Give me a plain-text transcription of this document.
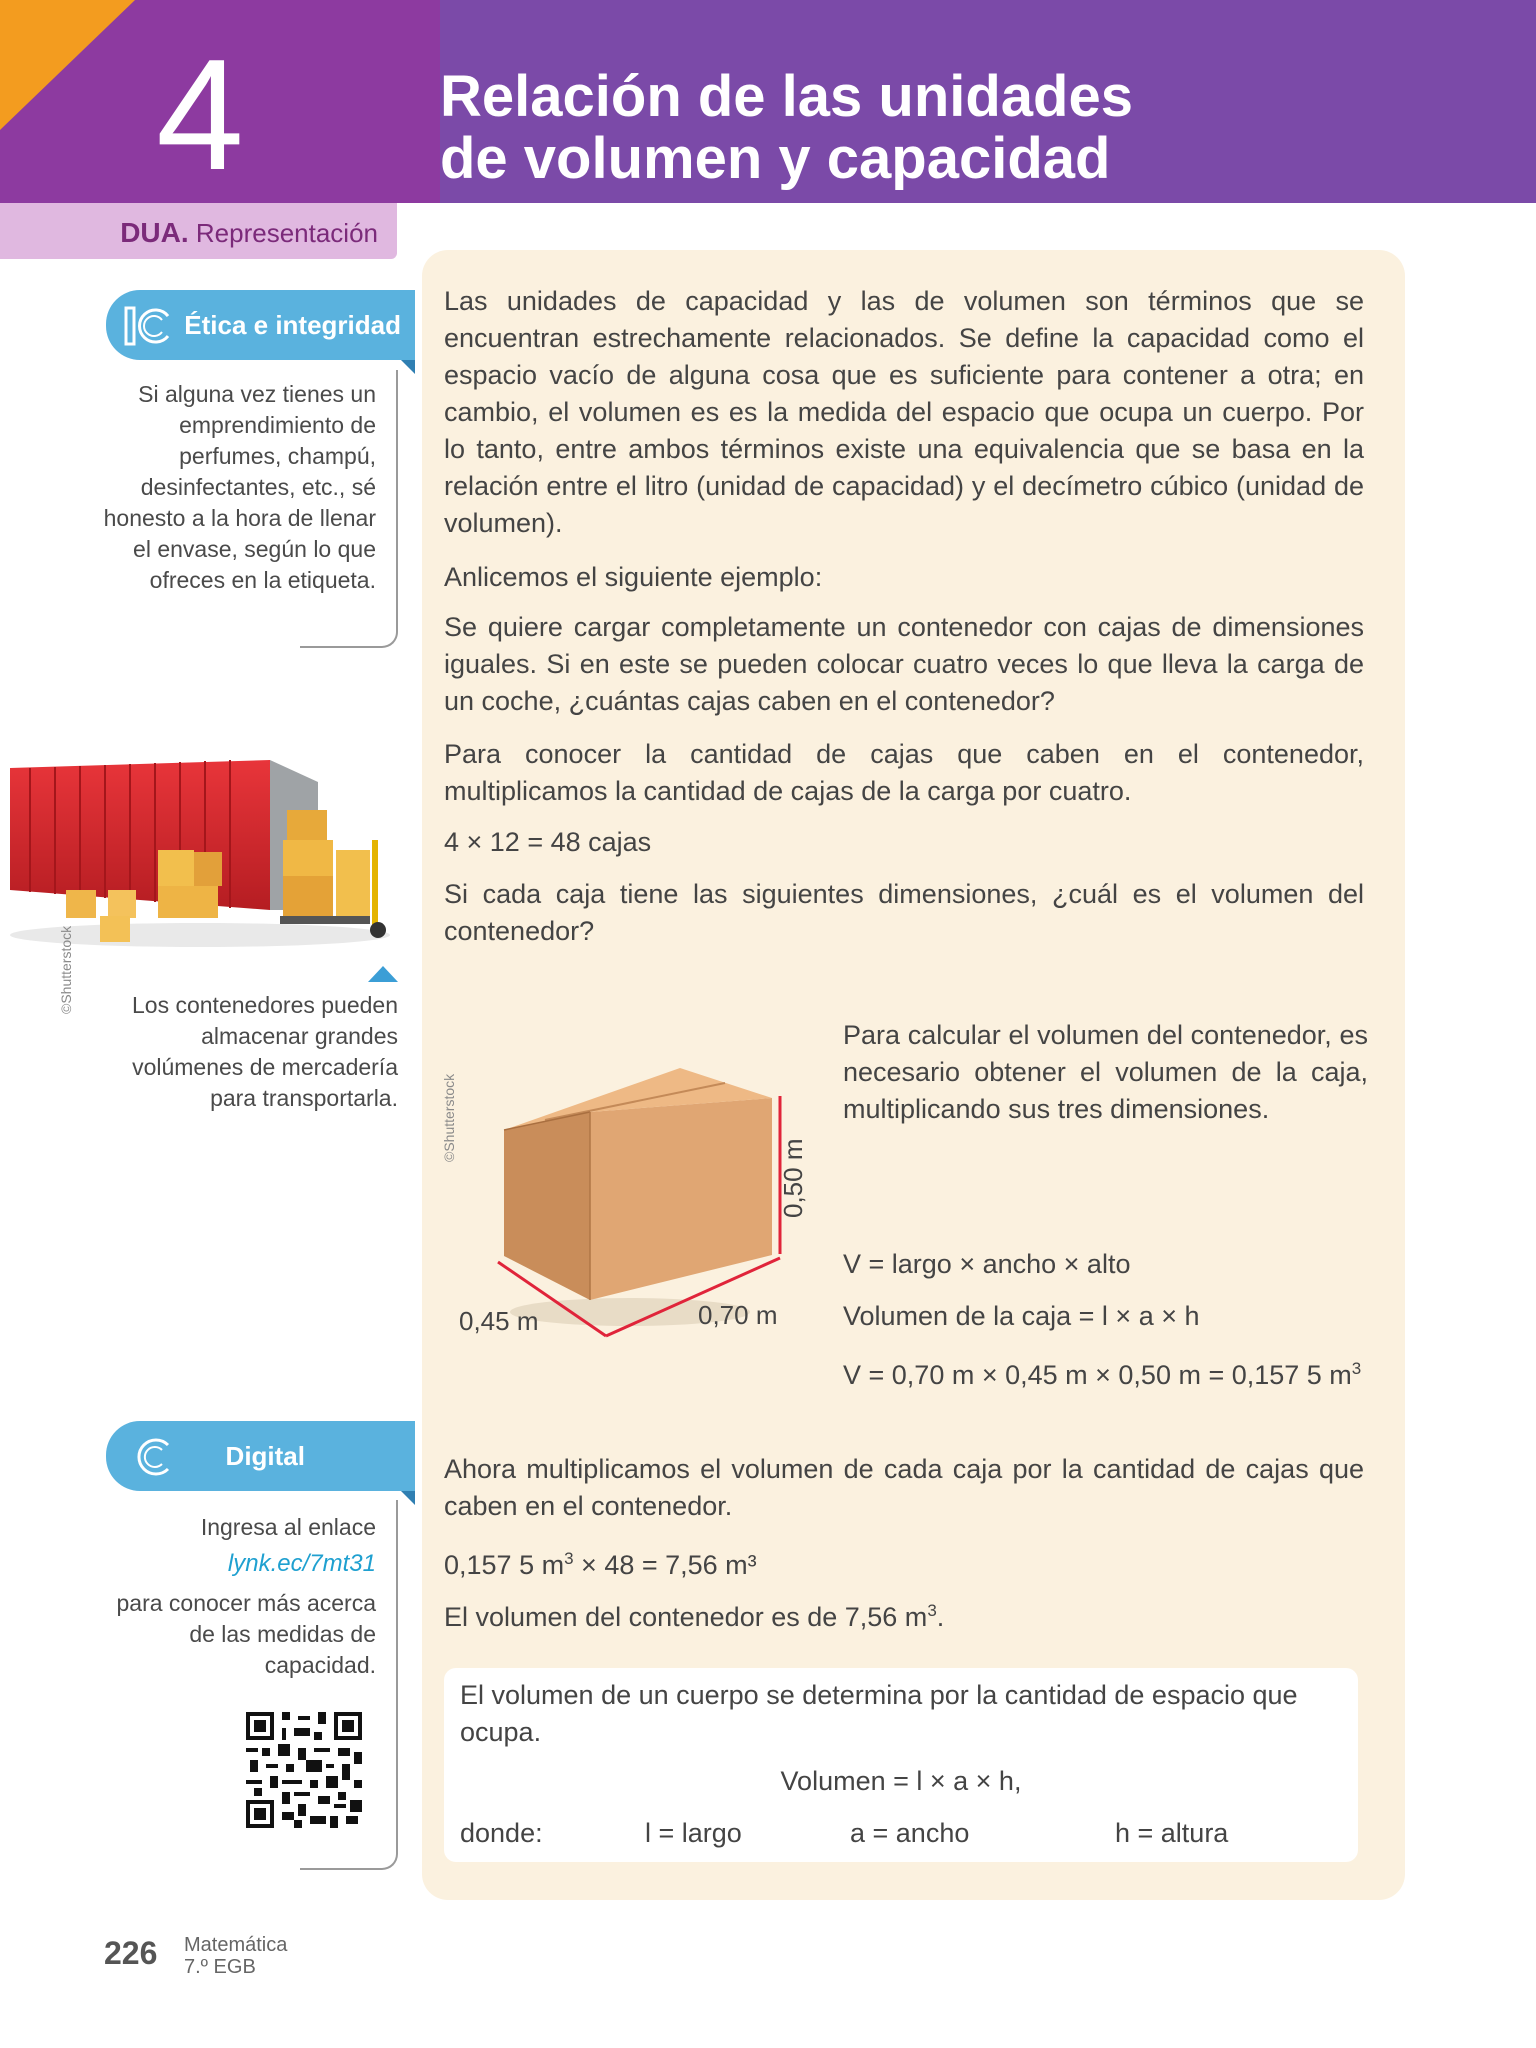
4	Relación de las unidades
de volumen y capacidad
DUA. Representación
Ética e integridad
Si alguna vez tienes un emprendimiento de perfumes, champú, desinfectantes, etc., sé honesto a la hora de llenar el envase, según lo que ofreces en la etiqueta.
©Shutterstock	Los contenedores pueden almacenar grandes volúmenes de mercadería para transportarla.
Digital
Ingresa al enlace
lynk.ec/7mt31
para conocer más acerca de las medidas de capacidad.
Las unidades de capacidad y las de volumen son términos que se encuentran estrechamente relacionados. Se define la capacidad como el espacio vacío de alguna cosa que es suficiente para contener a otra; en cambio, el volumen es es la medida del espacio que ocupa un cuerpo. Por lo tanto, entre ambos términos existe una equivalencia que se basa en la relación entre el litro (unidad de capacidad) y el decímetro cúbico (unidad de volumen).
Anlicemos el siguiente ejemplo:
Se quiere cargar completamente un contenedor con cajas de dimensiones iguales. Si en este se pueden colocar cuatro veces lo que lleva la carga de un coche, ¿cuántas cajas caben en el contenedor?
Para conocer la cantidad de cajas que caben en el contenedor, multiplicamos la cantidad de cajas de la carga por cuatro.
4 × 12 = 48 cajas
Si cada caja tiene las siguientes dimensiones, ¿cuál es el volumen del contenedor?
©Shutterstock
0,50 m
0,70 m
0,45 m
Para calcular el volumen del contenedor, es necesario obtener el volumen de la caja, multiplicando sus tres dimensiones.
V = largo × ancho × alto
Volumen de la caja = l × a × h
V = 0,70 m × 0,45 m × 0,50 m = 0,157 5 $m^3$
Ahora multiplicamos el volumen de cada caja por la cantidad de cajas que caben en el contenedor.
0,157 5 $m^3 \times 48 = 7,56$ m³
El volumen del contenedor es de 7,56 $m^3$.
El volumen de un cuerpo se determina por la cantidad de espacio que ocupa.
Volumen = l × a × h,
donde:	l = largo	a = ancho	h = altura
226 Matemática
7.º EGB
